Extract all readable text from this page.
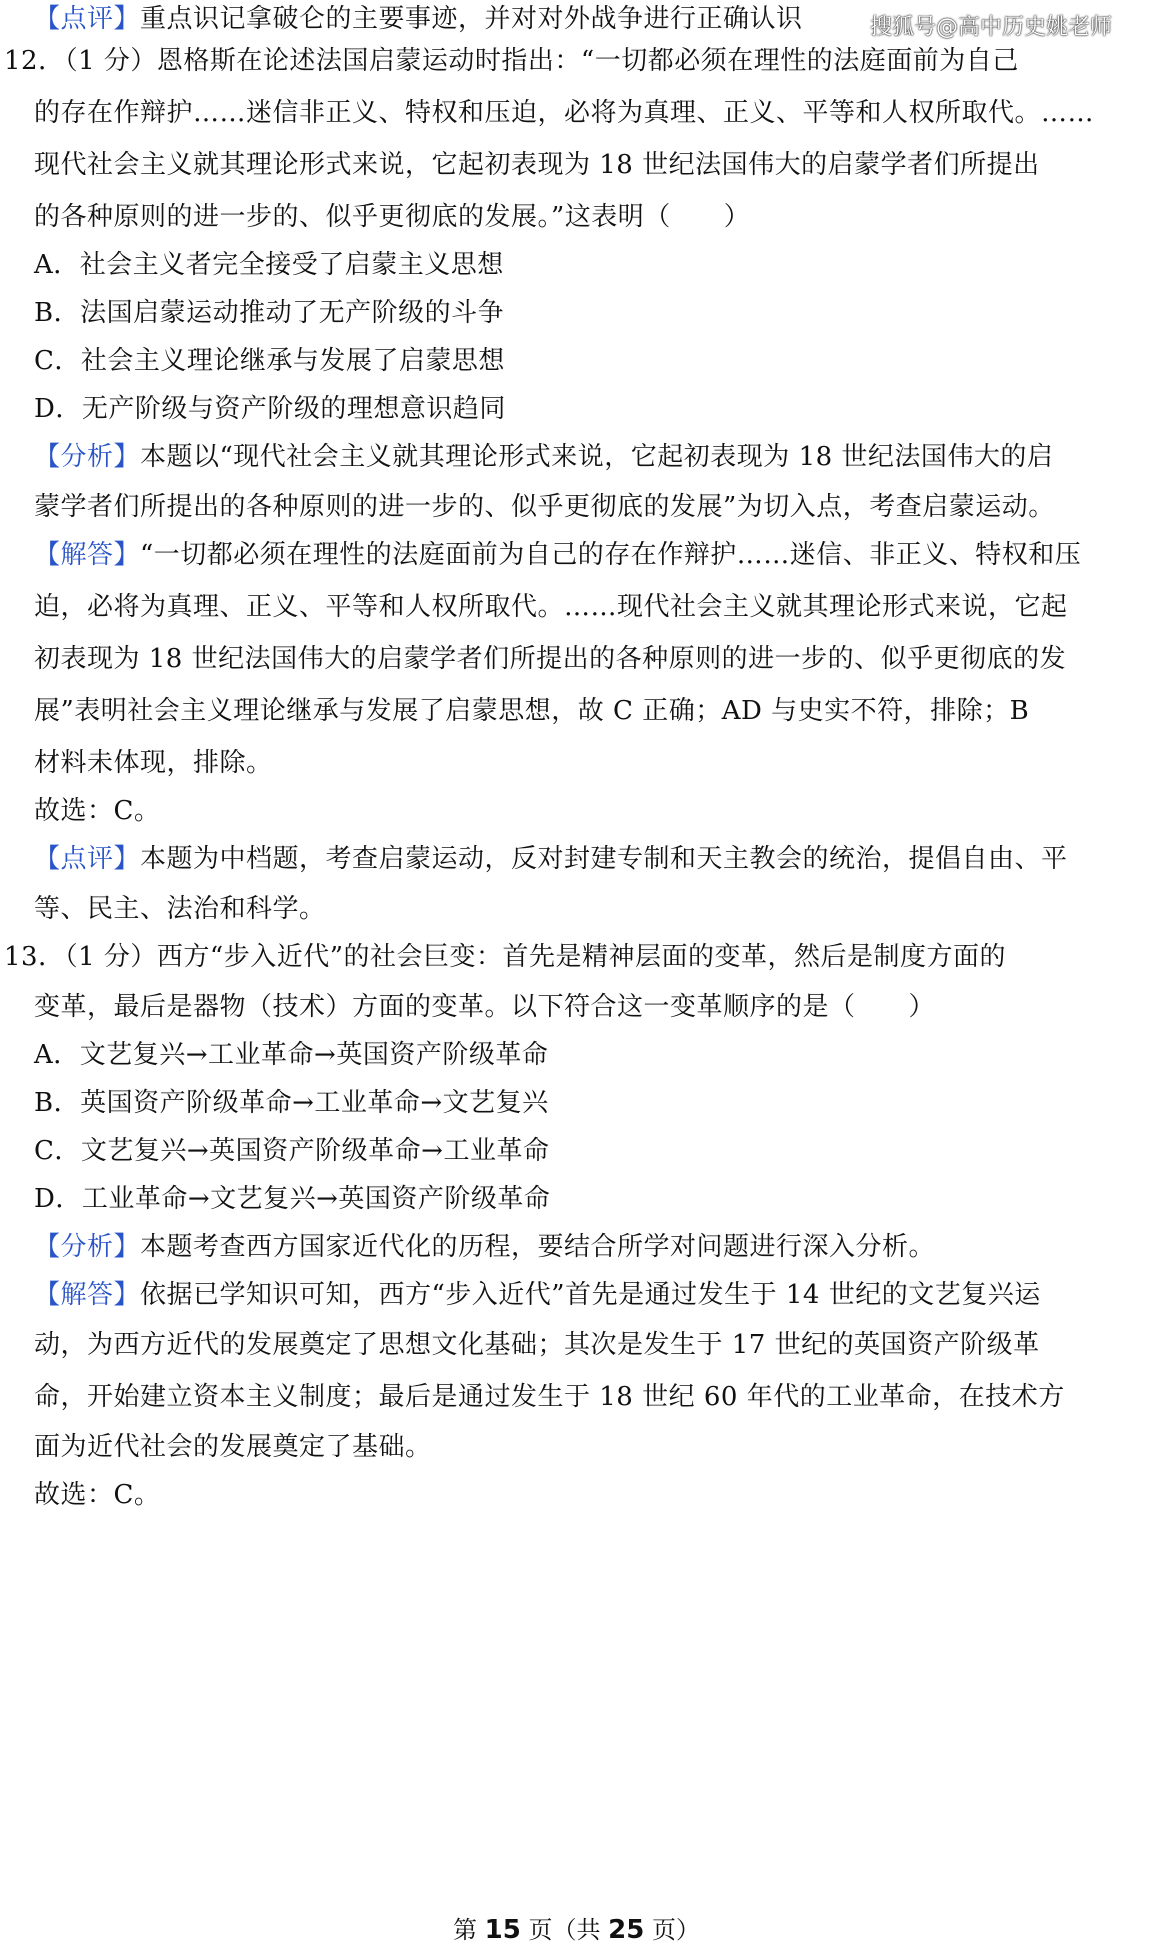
搜狐号@高中历史姚老师
【点评】重点识记拿破仑的主要事迹，并对对外战争进行正确认识
12．（1 分）恩格斯在论述法国启蒙运动时指出：“一切都必须在理性的法庭面前为自己
的存在作辩护……迷信非正义、特权和压迫，必将为真理、正义、平等和人权所取代。……
现代社会主义就其理论形式来说，它起初表现为 18 世纪法国伟大的启蒙学者们所提出
的各种原则的进一步的、似乎更彻底的发展。”这表明（　　）
A．社会主义者完全接受了启蒙主义思想
B．法国启蒙运动推动了无产阶级的斗争
C．社会主义理论继承与发展了启蒙思想
D．无产阶级与资产阶级的理想意识趋同
【分析】本题以“现代社会主义就其理论形式来说，它起初表现为 18 世纪法国伟大的启
蒙学者们所提出的各种原则的进一步的、似乎更彻底的发展”为切入点，考查启蒙运动。
【解答】“一切都必须在理性的法庭面前为自己的存在作辩护……迷信、非正义、特权和压
迫，必将为真理、正义、平等和人权所取代。……现代社会主义就其理论形式来说，它起
初表现为 18 世纪法国伟大的启蒙学者们所提出的各种原则的进一步的、似乎更彻底的发
展”表明社会主义理论继承与发展了启蒙思想，故 C 正确；AD 与史实不符，排除；B
材料未体现，排除。
故选：C。
【点评】本题为中档题，考查启蒙运动，反对封建专制和天主教会的统治，提倡自由、平
等、民主、法治和科学。
13．（1 分）西方“步入近代”的社会巨变：首先是精神层面的变革，然后是制度方面的
变革，最后是器物（技术）方面的变革。以下符合这一变革顺序的是（　　）
A．文艺复兴→工业革命→英国资产阶级革命
B．英国资产阶级革命→工业革命→文艺复兴
C．文艺复兴→英国资产阶级革命→工业革命
D．工业革命→文艺复兴→英国资产阶级革命
【分析】本题考查西方国家近代化的历程，要结合所学对问题进行深入分析。
【解答】依据已学知识可知，西方“步入近代”首先是通过发生于 14 世纪的文艺复兴运
动，为西方近代的发展奠定了思想文化基础；其次是发生于 17 世纪的英国资产阶级革
命，开始建立资本主义制度；最后是通过发生于 18 世纪 60 年代的工业革命，在技术方
面为近代社会的发展奠定了基础。
故选：C。
第 15 页（共 25 页）
